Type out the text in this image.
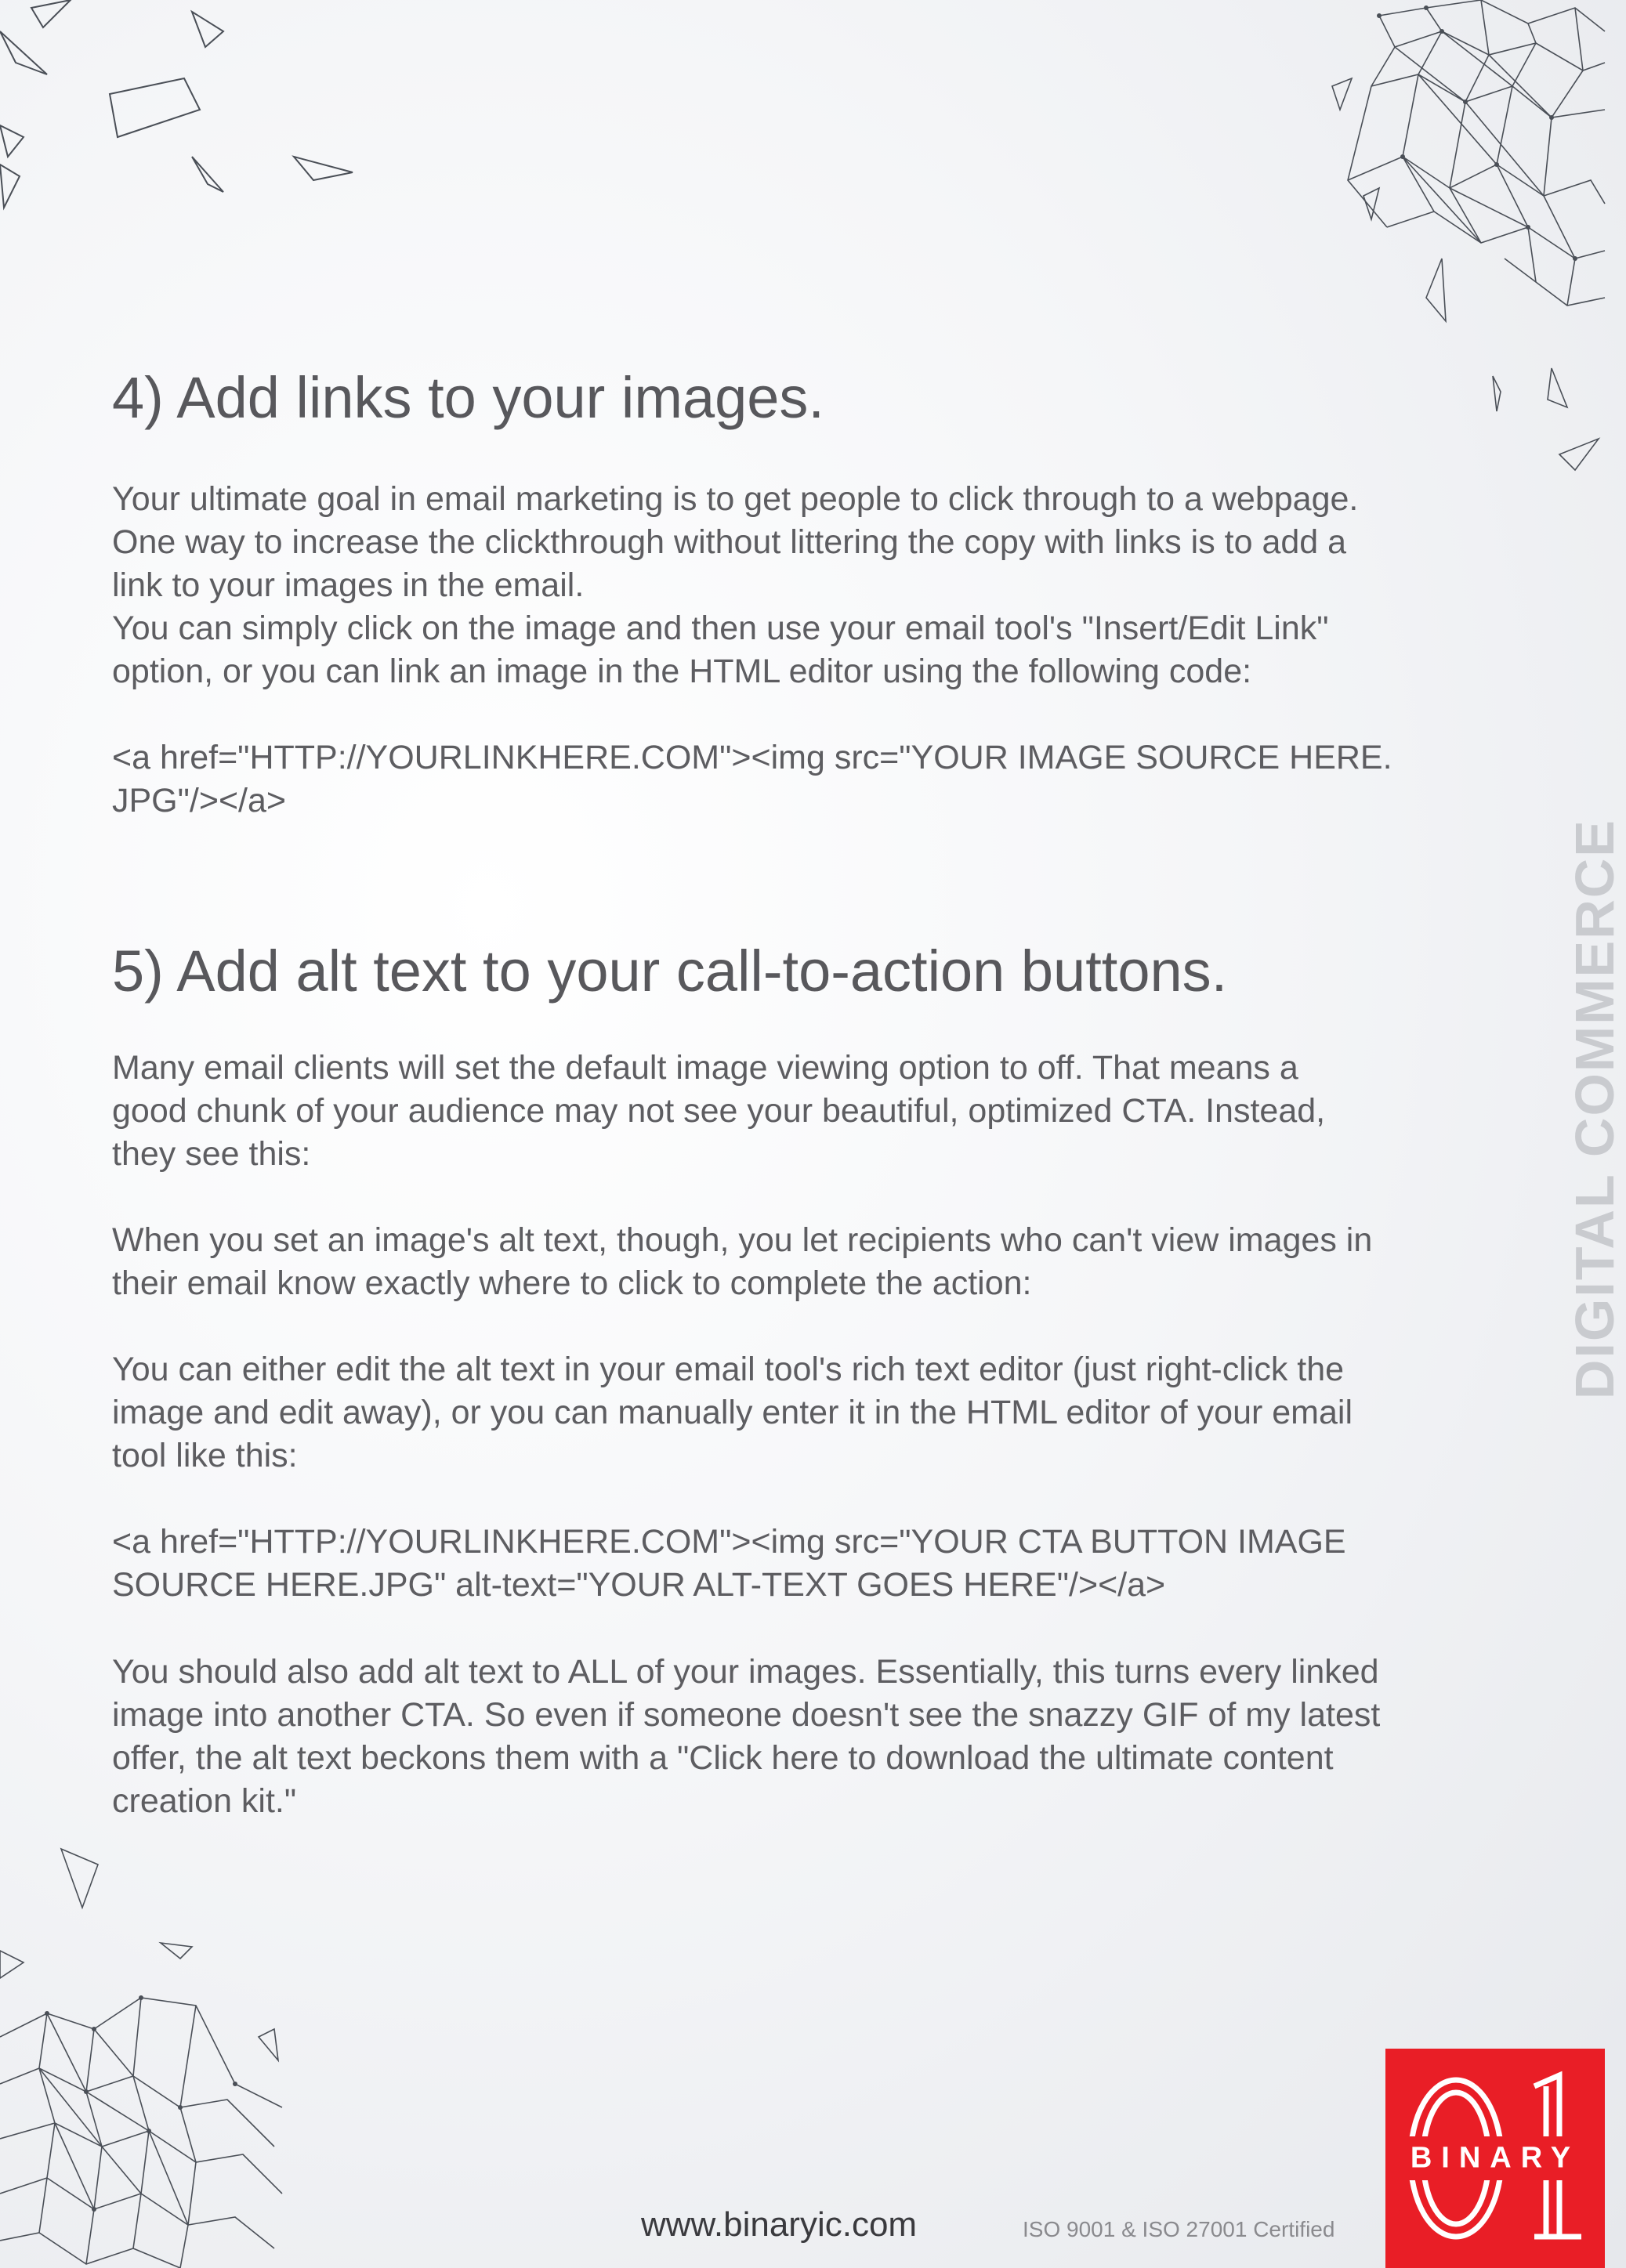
4) Add links to your images.

Your ultimate goal in email marketing is to get people to click through to a webpage.
One way to increase the clickthrough without littering the copy with links is to add a
link to your images in the email.
You can simply click on the image and then use your email tool's "Insert/Edit Link"
option, or you can link an image in the HTML editor using the following code:

<a href="HTTP://YOURLINKHERE.COM"><img src="YOUR IMAGE SOURCE HERE.
JPG"/></a>

5) Add alt text to your call-to-action buttons.

Many email clients will set the default image viewing option to off. That means a
good chunk of your audience may not see your beautiful, optimized CTA. Instead,
they see this:

When you set an image's alt text, though, you let recipients who can't view images in
their email know exactly where to click to complete the action:

You can either edit the alt text in your email tool's rich text editor (just right-click the
image and edit away), or you can manually enter it in the HTML editor of your email
tool like this:

<a href="HTTP://YOURLINKHERE.COM"><img src="YOUR CTA BUTTON IMAGE
SOURCE HERE.JPG" alt-text="YOUR ALT-TEXT GOES HERE"/></a>

You should also add alt text to ALL of your images. Essentially, this turns every linked
image into another CTA. So even if someone doesn't see the snazzy GIF of my latest
offer, the alt text beckons them with a "Click here to download the ultimate content
creation kit."

DIGITAL COMMERCE
www.binaryic.com	ISO 9001 & ISO 27001 Certified
BINARY
